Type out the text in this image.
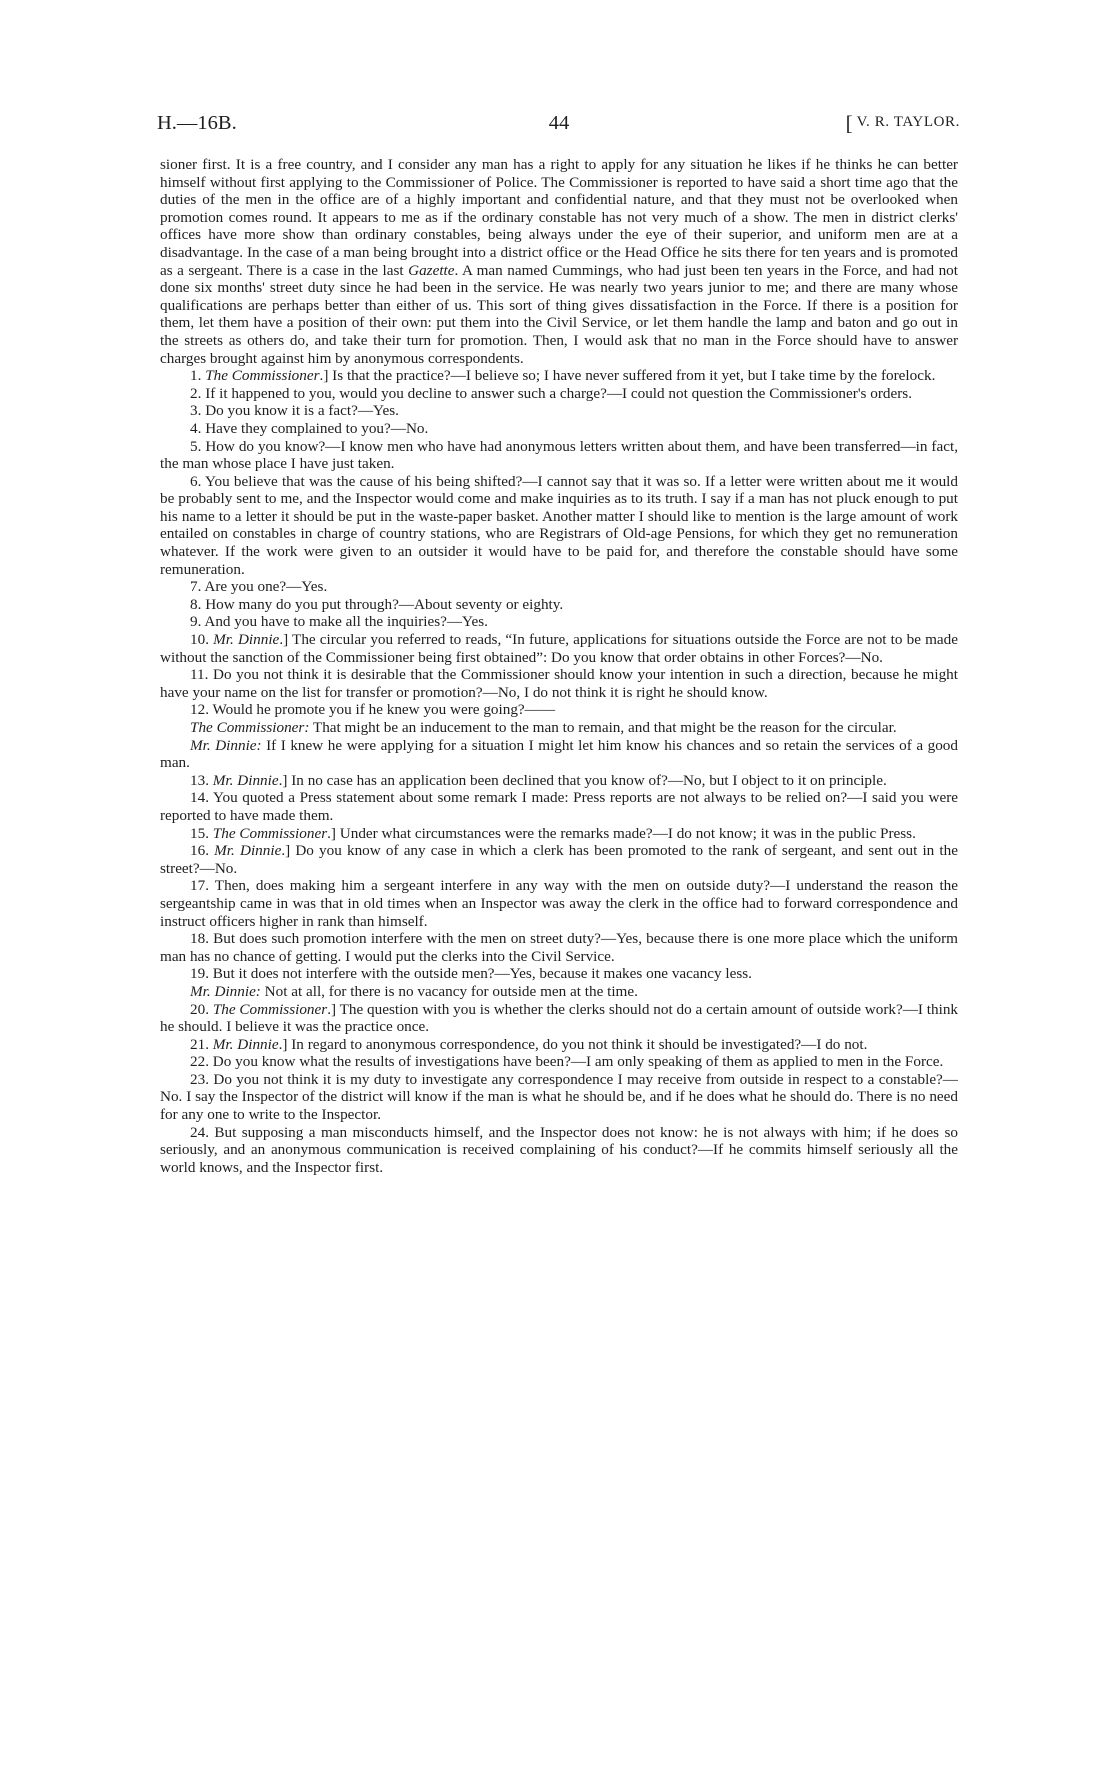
H.—16B.	44
[	V. R. TAYLOR.

sioner first. It is a free country, and I consider any man has a right to apply for any situation he likes if he thinks he can better himself without first applying to the Commissioner of Police. The Commissioner is reported to have said a short time ago that the duties of the men in the office are of a highly important and confidential nature, and that they must not be overlooked when promotion comes round. It appears to me as if the ordinary constable has not very much of a show. The men in district clerks' offices have more show than ordinary constables, being always under the eye of their superior, and uniform men are at a disadvantage. In the case of a man being brought into a district office or the Head Office he sits there for ten years and is promoted as a sergeant. There is a case in the last Gazette. A man named Cummings, who had just been ten years in the Force, and had not done six months' street duty since he had been in the service. He was nearly two years junior to me; and there are many whose qualifications are perhaps better than either of us. This sort of thing gives dissatisfaction in the Force. If there is a position for them, let them have a position of their own: put them into the Civil Service, or let them handle the lamp and baton and go out in the streets as others do, and take their turn for promotion. Then, I would ask that no man in the Force should have to answer charges brought against him by anonymous correspondents.

1. The Commissioner.] Is that the practice?—I believe so; I have never suffered from it yet, but I take time by the forelock.

2. If it happened to you, would you decline to answer such a charge?—I could not question the Commissioner's orders.

3. Do you know it is a fact?—Yes.

4. Have they complained to you?—No.

5. How do you know?—I know men who have had anonymous letters written about them, and have been transferred—in fact, the man whose place I have just taken.

6. You believe that was the cause of his being shifted?—I cannot say that it was so. If a letter were written about me it would be probably sent to me, and the Inspector would come and make inquiries as to its truth. I say if a man has not pluck enough to put his name to a letter it should be put in the waste-paper basket. Another matter I should like to mention is the large amount of work entailed on constables in charge of country stations, who are Registrars of Old-age Pensions, for which they get no remuneration whatever. If the work were given to an outsider it would have to be paid for, and therefore the constable should have some remuneration.

7. Are you one?—Yes.

8. How many do you put through?—About seventy or eighty.

9. And you have to make all the inquiries?—Yes.

10. Mr. Dinnie.] The circular you referred to reads, “In future, applications for situations outside the Force are not to be made without the sanction of the Commissioner being first obtained”: Do you know that order obtains in other Forces?—No.

11. Do you not think it is desirable that the Commissioner should know your intention in such a direction, because he might have your name on the list for transfer or promotion?—No, I do not think it is right he should know.

12. Would he promote you if he knew you were going?——

The Commissioner: That might be an inducement to the man to remain, and that might be the reason for the circular.

Mr. Dinnie: If I knew he were applying for a situation I might let him know his chances and so retain the services of a good man.

13. Mr. Dinnie.] In no case has an application been declined that you know of?—No, but I object to it on principle.

14. You quoted a Press statement about some remark I made: Press reports are not always to be relied on?—I said you were reported to have made them.

15. The Commissioner.] Under what circumstances were the remarks made?—I do not know; it was in the public Press.

16. Mr. Dinnie.] Do you know of any case in which a clerk has been promoted to the rank of sergeant, and sent out in the street?—No.

17. Then, does making him a sergeant interfere in any way with the men on outside duty?—I understand the reason the sergeantship came in was that in old times when an Inspector was away the clerk in the office had to forward correspondence and instruct officers higher in rank than himself.

18. But does such promotion interfere with the men on street duty?—Yes, because there is one more place which the uniform man has no chance of getting. I would put the clerks into the Civil Service.

19. But it does not interfere with the outside men?—Yes, because it makes one vacancy less.

Mr. Dinnie: Not at all, for there is no vacancy for outside men at the time.

20. The Commissioner.] The question with you is whether the clerks should not do a certain amount of outside work?—I think he should. I believe it was the practice once.

21. Mr. Dinnie.] In regard to anonymous correspondence, do you not think it should be investigated?—I do not.

22. Do you know what the results of investigations have been?—I am only speaking of them as applied to men in the Force.

23. Do you not think it is my duty to investigate any correspondence I may receive from outside in respect to a constable?—No. I say the Inspector of the district will know if the man is what he should be, and if he does what he should do. There is no need for any one to write to the Inspector.

24. But supposing a man misconducts himself, and the Inspector does not know: he is not always with him; if he does so seriously, and an anonymous communication is received complaining of his conduct?—If he commits himself seriously all the world knows, and the Inspector first.
